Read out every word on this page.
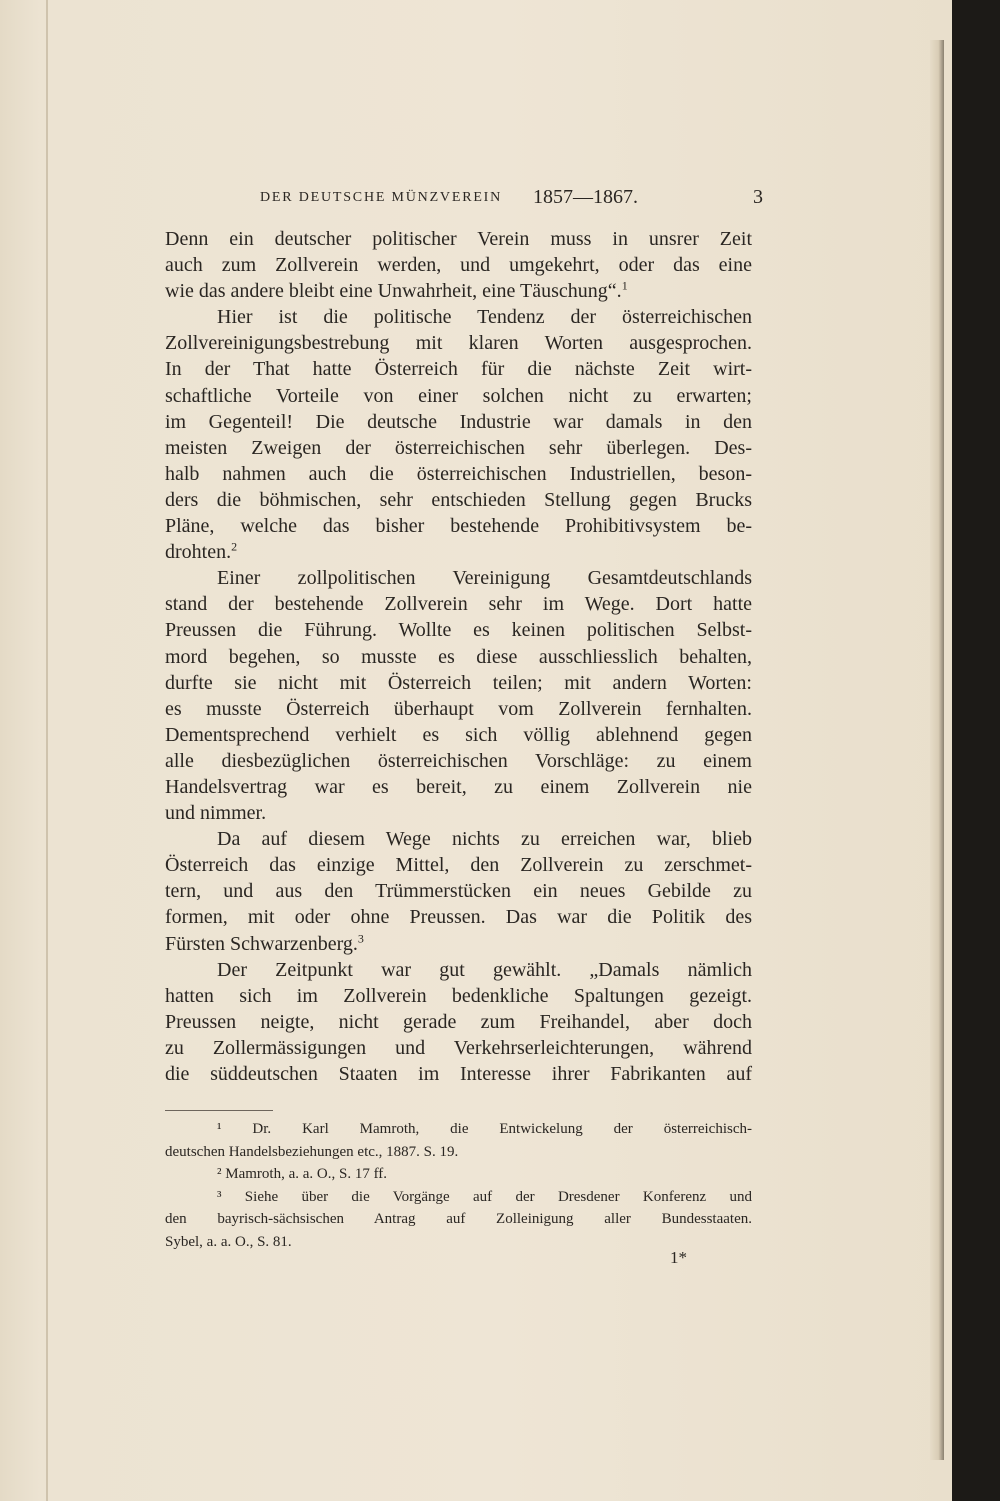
DER DEUTSCHE MÜNZVEREIN 1857—1867.	3
Denn ein deutscher politischer Verein muss in unsrer Zeit
auch zum Zollverein werden, und umgekehrt, oder das eine
wie das andere bleibt eine Unwahrheit, eine Täuschung“.$^1$
Hier ist die politische Tendenz der österreichischen
Zollvereinigungsbestrebung mit klaren Worten ausgesprochen.
In der That hatte Österreich für die nächste Zeit wirt-
schaftliche Vorteile von einer solchen nicht zu erwarten;
im Gegenteil! Die deutsche Industrie war damals in den
meisten Zweigen der österreichischen sehr überlegen. Des-
halb nahmen auch die österreichischen Industriellen, beson-
ders die böhmischen, sehr entschieden Stellung gegen Brucks
Pläne, welche das bisher bestehende Prohibitivsystem be-
drohten.$^2$
Einer zollpolitischen Vereinigung Gesamtdeutschlands
stand der bestehende Zollverein sehr im Wege. Dort hatte
Preussen die Führung. Wollte es keinen politischen Selbst-
mord begehen, so musste es diese ausschliesslich behalten,
durfte sie nicht mit Österreich teilen; mit andern Worten:
es musste Österreich überhaupt vom Zollverein fernhalten.
Dementsprechend verhielt es sich völlig ablehnend gegen
alle diesbezüglichen österreichischen Vorschläge: zu einem
Handelsvertrag war es bereit, zu einem Zollverein nie
und nimmer.
Da auf diesem Wege nichts zu erreichen war, blieb
Österreich das einzige Mittel, den Zollverein zu zerschmet-
tern, und aus den Trümmerstücken ein neues Gebilde zu
formen, mit oder ohne Preussen. Das war die Politik des
Fürsten Schwarzenberg.$^3$
Der Zeitpunkt war gut gewählt. „Damals nämlich
hatten sich im Zollverein bedenkliche Spaltungen gezeigt.
Preussen neigte, nicht gerade zum Freihandel, aber doch
zu Zollermässigungen und Verkehrserleichterungen, während
die süddeutschen Staaten im Interesse ihrer Fabrikanten auf
¹ Dr. Karl Mamroth, die Entwickelung der österreichisch-
deutschen Handelsbeziehungen etc., 1887. S. 19.
² Mamroth, a. a. O., S. 17 ff.
³ Siehe über die Vorgänge auf der Dresdener Konferenz und
den bayrisch-sächsischen Antrag auf Zolleinigung aller Bundesstaaten.
Sybel, a. a. O., S. 81.
1*
